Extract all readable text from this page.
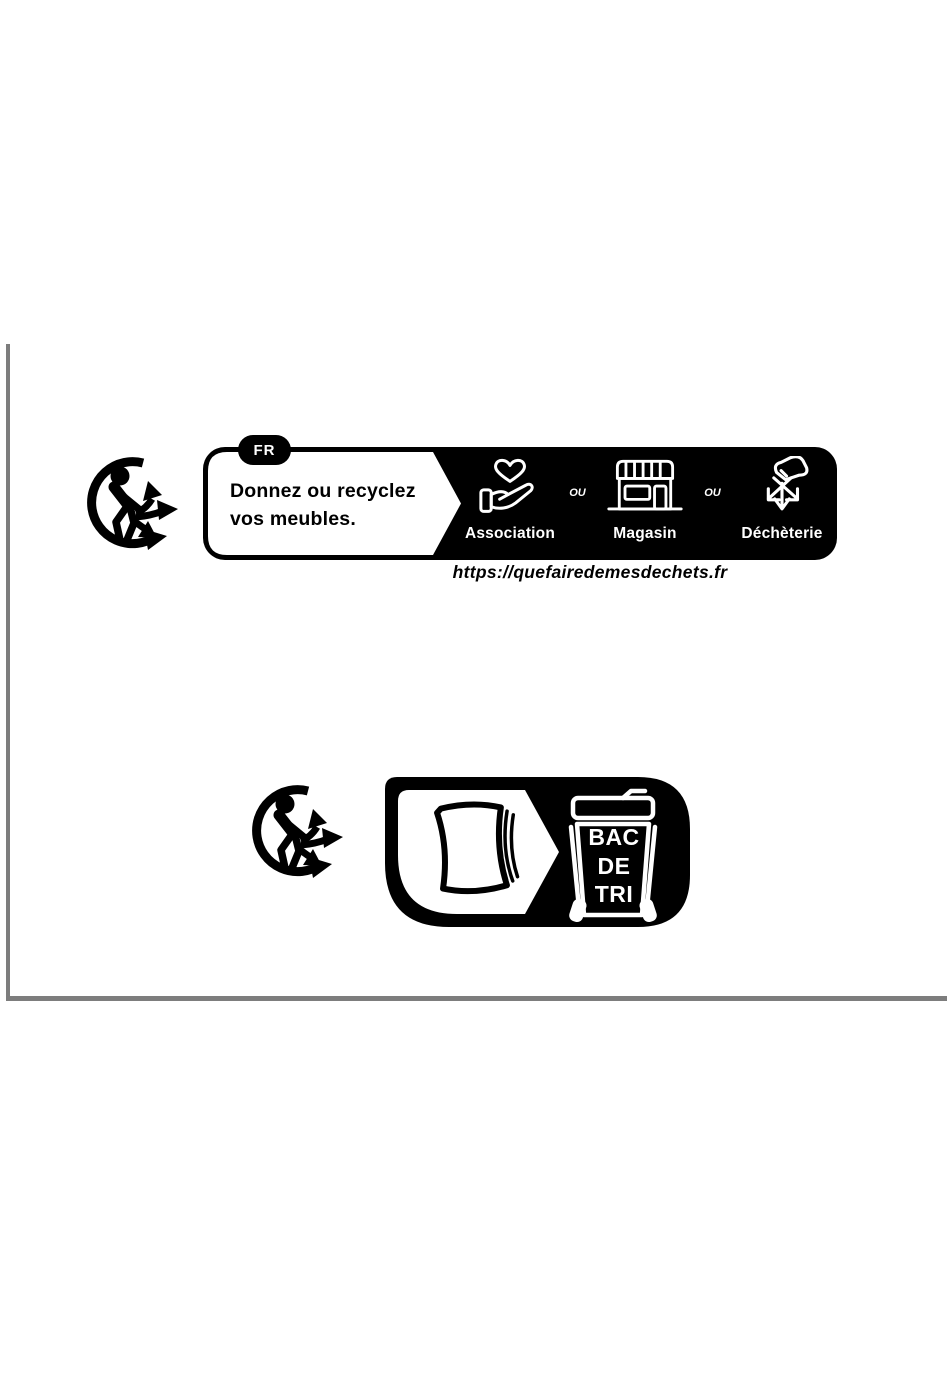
Donnez ou recyclez
vos meubles.
FR
Association
OU
Magasin
OU
Déchèterie
https://quefairedemesdechets.fr
BAC
DE
TRI
